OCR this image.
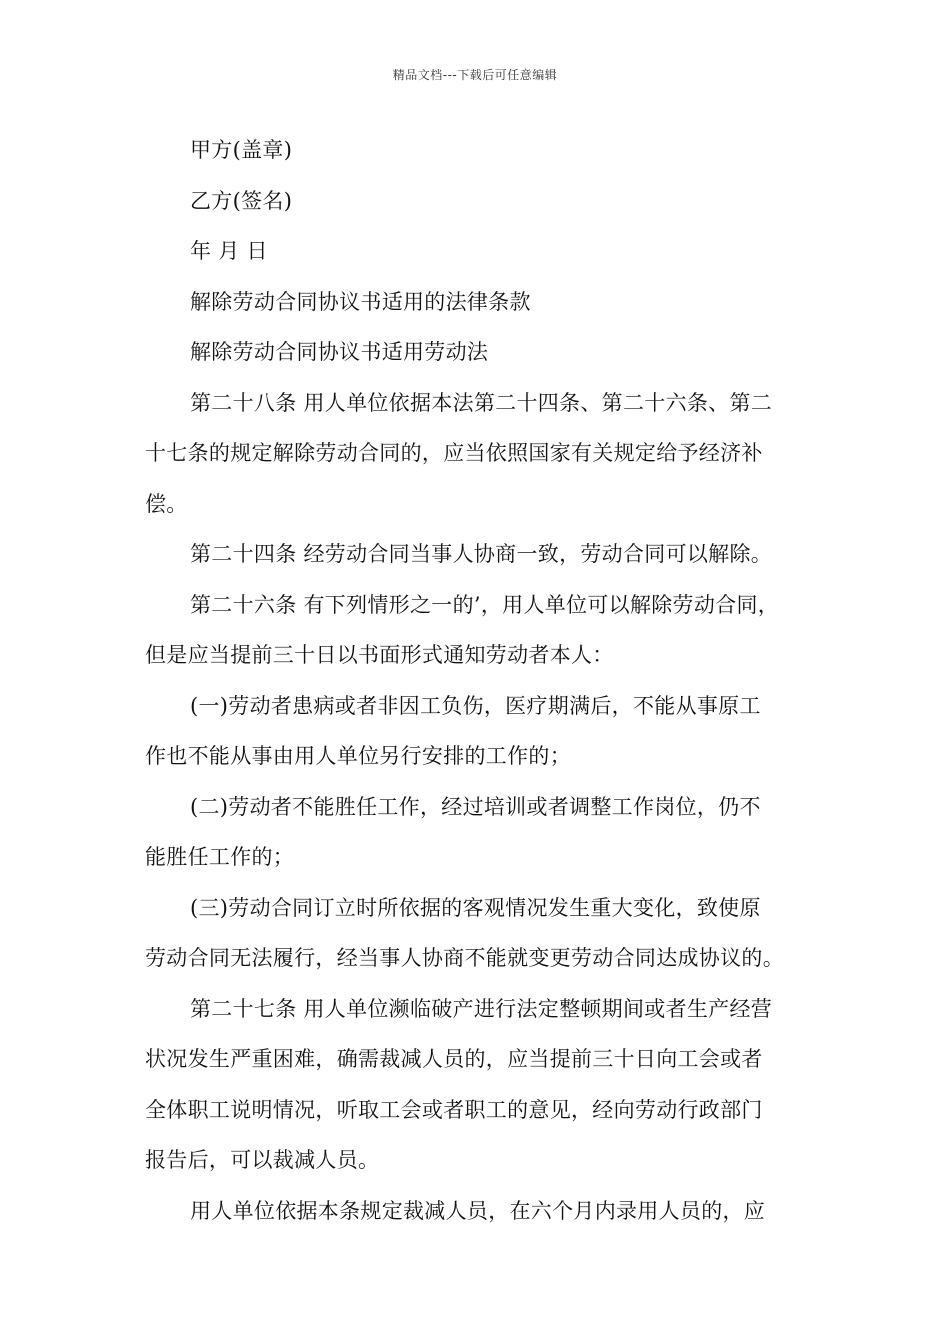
精品文档---下载后可任意编辑
甲方(盖章)
乙方(签名)
年 月 日
解除劳动合同协议书适用的法律条款
解除劳动合同协议书适用劳动法
第二十八条 用人单位依据本法第二十四条、第二十六条、第二
十七条的规定解除劳动合同的，应当依照国家有关规定给予经济补
偿。
第二十四条 经劳动合同当事人协商一致，劳动合同可以解除。
第二十六条 有下列情形之一的’，用人单位可以解除劳动合同，
但是应当提前三十日以书面形式通知劳动者本人：
(一)劳动者患病或者非因工负伤，医疗期满后，不能从事原工
作也不能从事由用人单位另行安排的工作的；
(二)劳动者不能胜任工作，经过培训或者调整工作岗位，仍不
能胜任工作的；
(三)劳动合同订立时所依据的客观情况发生重大变化，致使原
劳动合同无法履行，经当事人协商不能就变更劳动合同达成协议的。
第二十七条 用人单位濒临破产进行法定整顿期间或者生产经营
状况发生严重困难，确需裁减人员的，应当提前三十日向工会或者
全体职工说明情况，听取工会或者职工的意见，经向劳动行政部门
报告后，可以裁减人员。
用人单位依据本条规定裁减人员，在六个月内录用人员的，应
